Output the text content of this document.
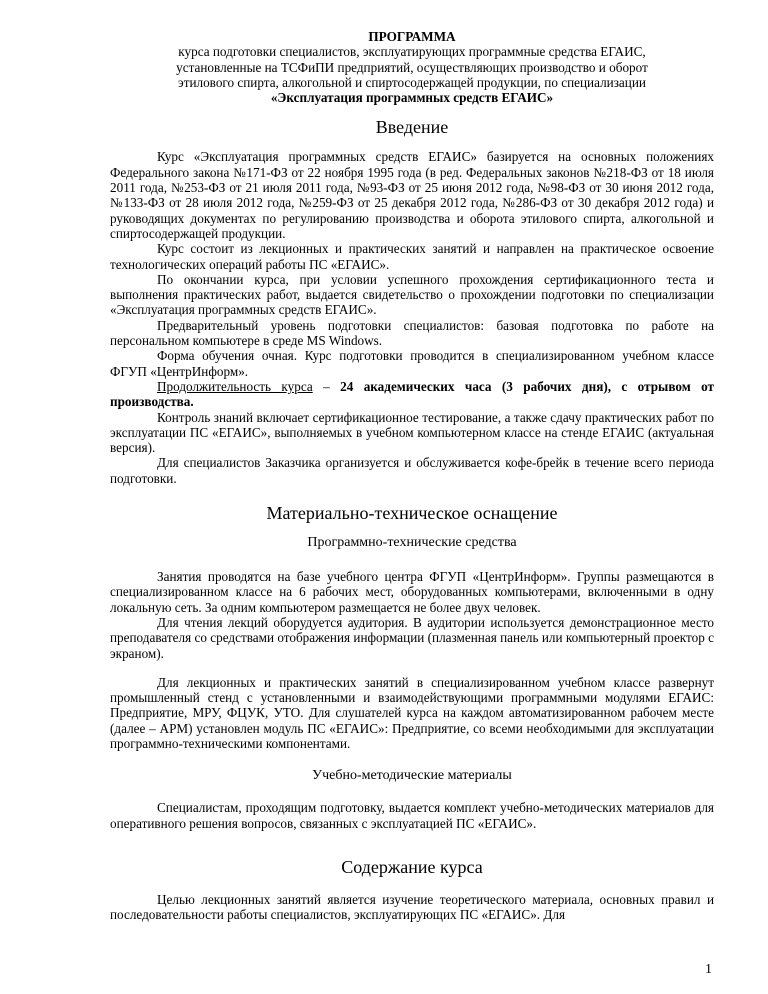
ПРОГРАММА
курса подготовки специалистов, эксплуатирующих программные средства ЕГАИС,
установленные на ТСФиПИ предприятий, осуществляющих производство и оборот
этилового спирта, алкогольной и спиртосодержащей продукции, по специализации
«Эксплуатация программных средств ЕГАИС»
Введение

Курс «Эксплуатация программных средств ЕГАИС» базируется на основных положениях Федерального закона №171-ФЗ от 22 ноября 1995 года (в ред. Федеральных законов №218-ФЗ от 18 июля 2011 года, №253-ФЗ от 21 июля 2011 года, №93-ФЗ от 25 июня 2012 года, №98-ФЗ от 30 июня 2012 года, №133-ФЗ от 28 июля 2012 года, №259-ФЗ от 25 декабря 2012 года, №286-ФЗ от 30 декабря 2012 года) и руководящих документах по регулированию производства и оборота этилового спирта, алкогольной и спиртосодержащей продукции.

Курс состоит из лекционных и практических занятий и направлен на практическое освоение технологических операций работы ПС «ЕГАИС».

По окончании курса, при условии успешного прохождения сертификационного теста и выполнения практических работ, выдается свидетельство о прохождении подготовки по специализации «Эксплуатация программных средств ЕГАИС».

Предварительный уровень подготовки специалистов: базовая подготовка по работе на персональном компьютере в среде MS Windows.

Форма обучения очная. Курс подготовки проводится в специализированном учебном классе ФГУП «ЦентрИнформ».

Продолжительность курса – 24 академических часа (3 рабочих дня), с отрывом от производства.

Контроль знаний включает сертификационное тестирование, а также сдачу практических работ по эксплуатации ПС «ЕГАИС», выполняемых в учебном компьютерном классе на стенде ЕГАИС (актуальная версия).

Для специалистов Заказчика организуется и обслуживается кофе-брейк в течение всего периода подготовки.

Материально-техническое оснащение
Программно-технические средства

Занятия проводятся на базе учебного центра ФГУП «ЦентрИнформ». Группы размещаются в специализированном классе на 6 рабочих мест, оборудованных компьютерами, включенными в одну локальную сеть. За одним компьютером размещается не более двух человек.

Для чтения лекций оборудуется аудитория. В аудитории используется демонстрационное место преподавателя со средствами отображения информации (плазменная панель или компьютерный проектор с экраном).

Для лекционных и практических занятий в специализированном учебном классе развернут промышленный стенд с установленными и взаимодействующими программными модулями ЕГАИС: Предприятие, МРУ, ФЦУК, УТО. Для слушателей курса на каждом автоматизированном рабочем месте (далее – АРМ) установлен модуль ПС «ЕГАИС»: Предприятие, со всеми необходимыми для эксплуатации программно-техническими компонентами.

Учебно-методические материалы

Специалистам, проходящим подготовку, выдается комплект учебно-методических материалов для оперативного решения вопросов, связанных с эксплуатацией ПС «ЕГАИС».

Содержание курса

Целью лекционных занятий является изучение теоретического материала, основных правил и последовательности работы специалистов, эксплуатирующих ПС «ЕГАИС». Для

1
